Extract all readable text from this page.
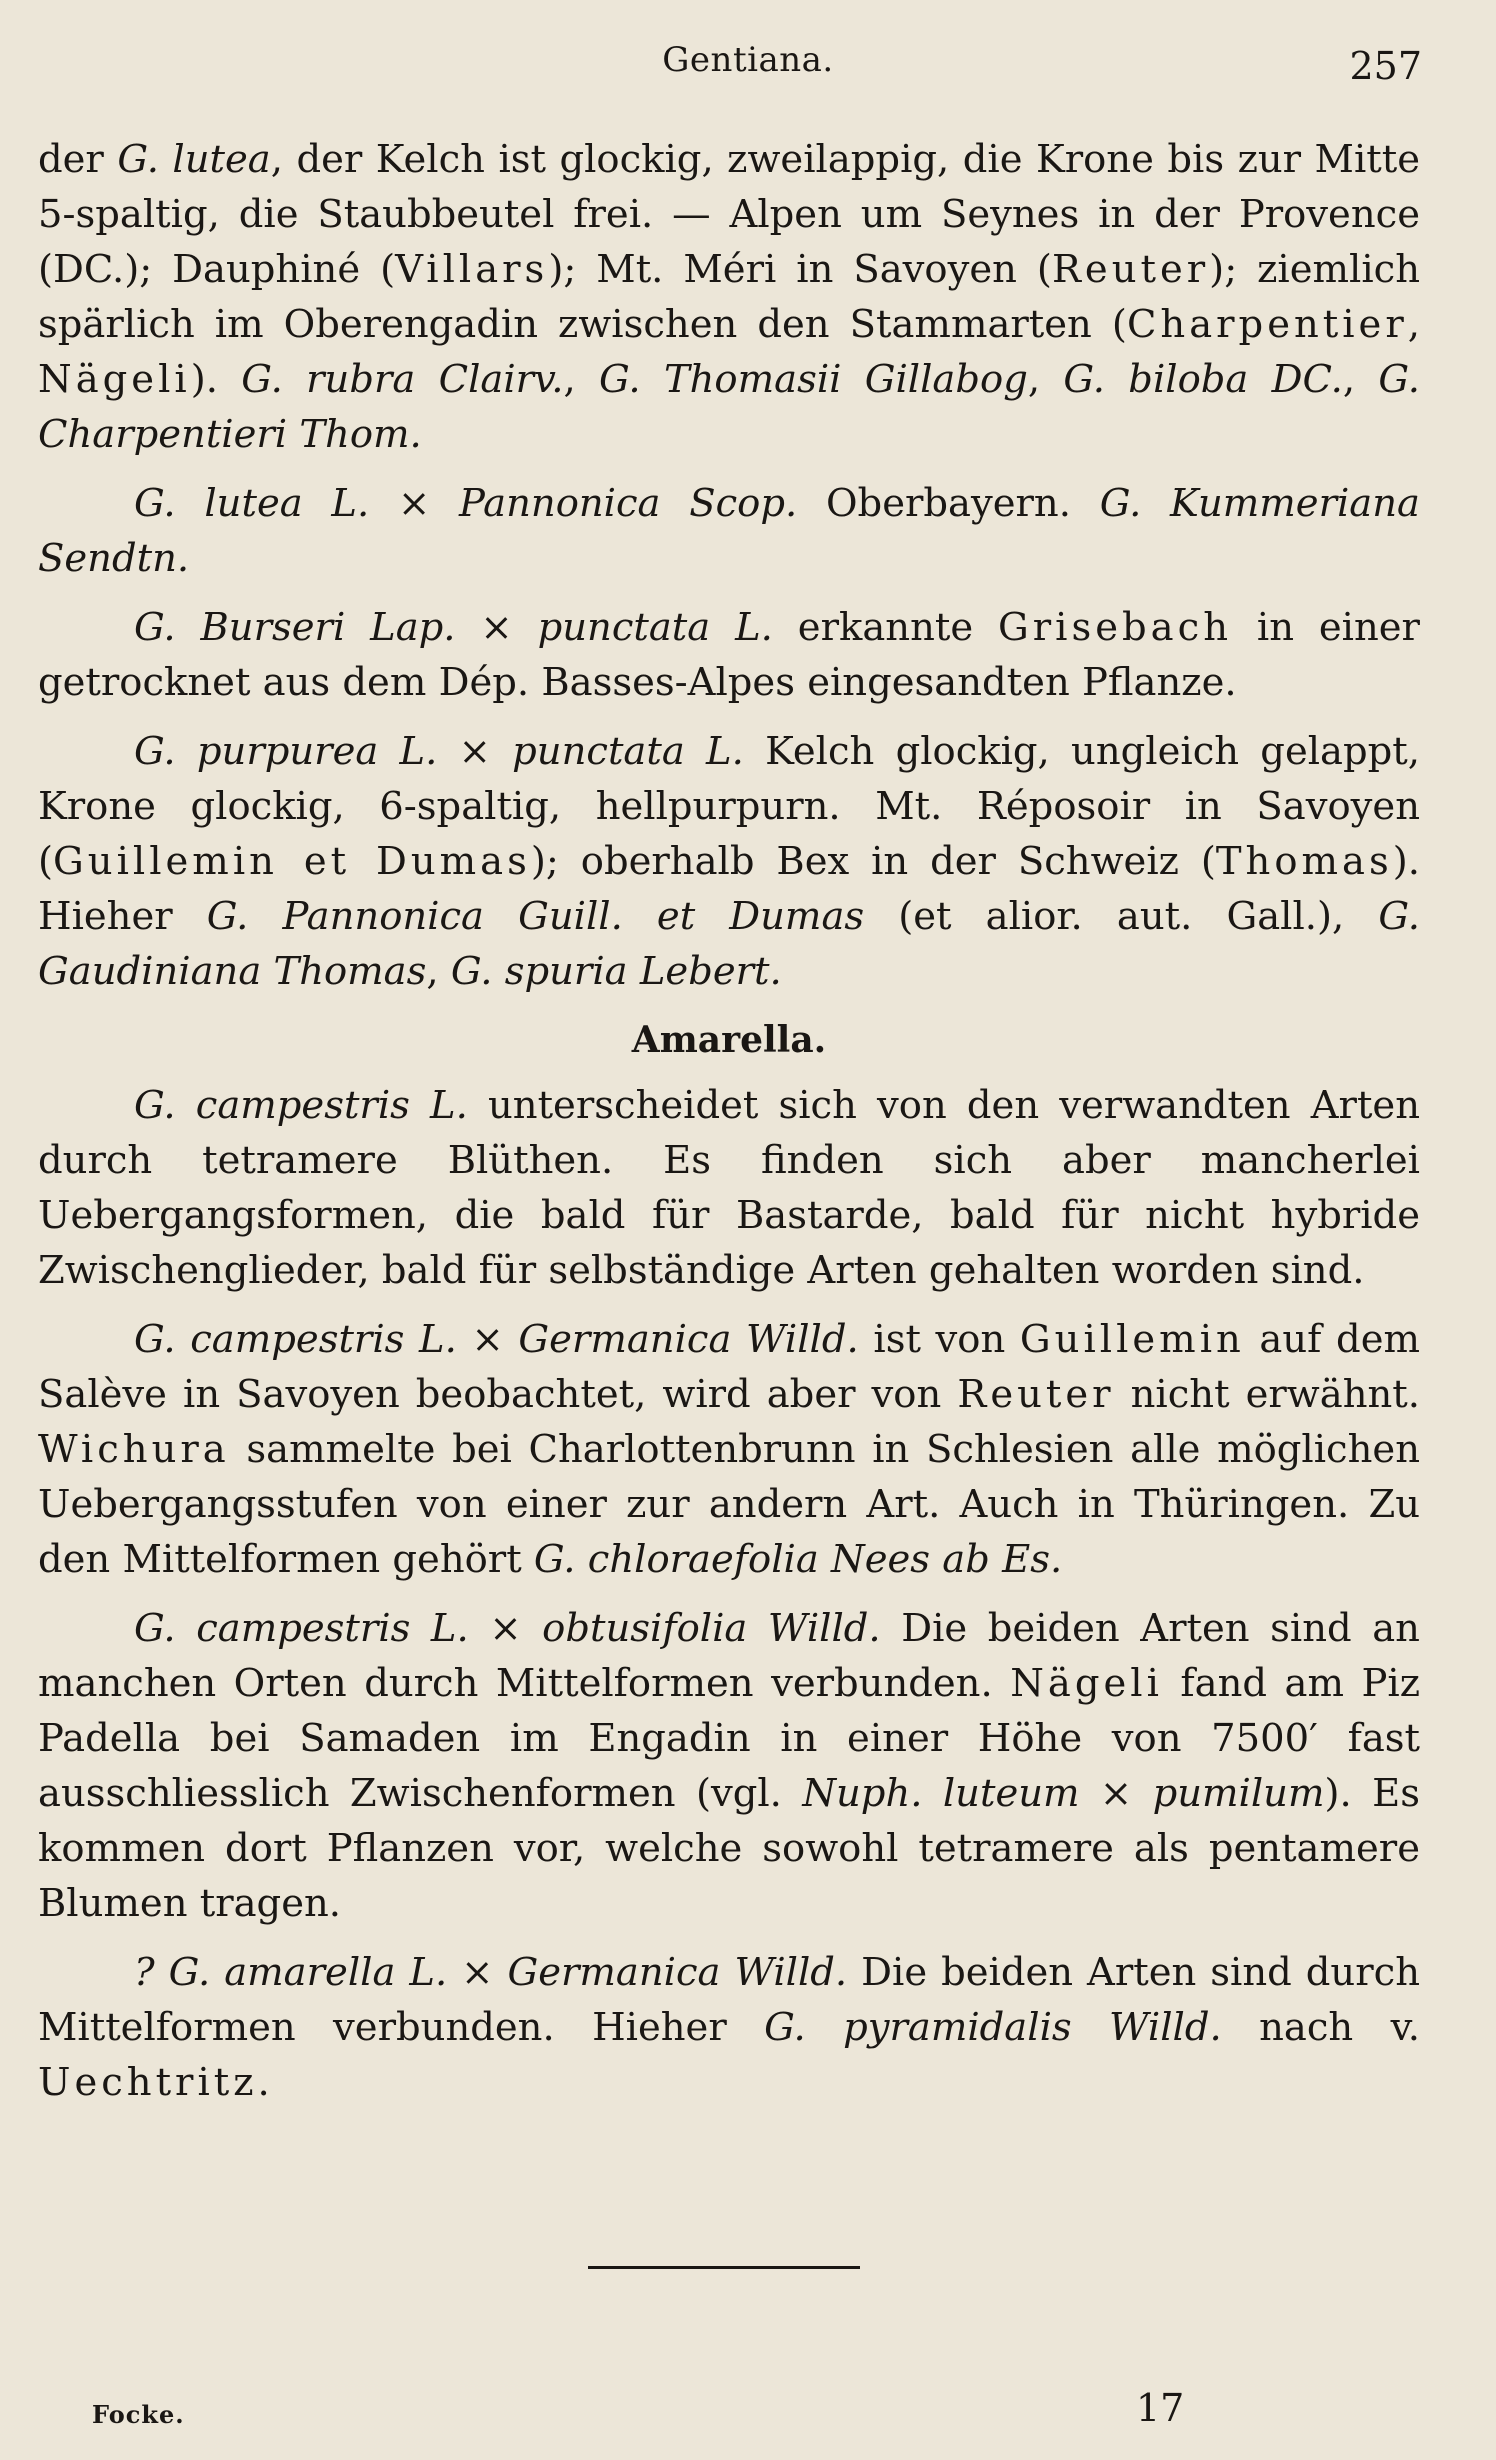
Gentiana.	257

der G. lutea, der Kelch ist glockig, zweilappig, die Krone bis zur Mitte 5-spaltig, die Staubbeutel frei. — Alpen um Seynes in der Provence (DC.); Dauphiné (Villars); Mt. Méri in Savoyen (Reuter); ziemlich spärlich im Oberengadin zwischen den Stammarten (Charpentier, Nägeli). G. rubra Clairv., G. Thomasii Gillabog, G. biloba DC., G. Charpentieri Thom.

G. lutea L. × Pannonica Scop. Oberbayern. G. Kummeriana Sendtn.

G. Burseri Lap. × punctata L. erkannte Grisebach in einer getrocknet aus dem Dép. Basses-Alpes eingesandten Pflanze.

G. purpurea L. × punctata L. Kelch glockig, ungleich gelappt, Krone glockig, 6-spaltig, hellpurpurn. Mt. Réposoir in Savoyen (Guillemin et Dumas); oberhalb Bex in der Schweiz (Thomas). Hieher G. Pannonica Guill. et Dumas (et alior. aut. Gall.), G. Gaudiniana Thomas, G. spuria Lebert.

Amarella.

G. campestris L. unterscheidet sich von den verwandten Arten durch tetramere Blüthen. Es finden sich aber mancherlei Uebergangsformen, die bald für Bastarde, bald für nicht hybride Zwischenglieder, bald für selbständige Arten gehalten worden sind.

G. campestris L. × Germanica Willd. ist von Guillemin auf dem Salève in Savoyen beobachtet, wird aber von Reuter nicht erwähnt. Wichura sammelte bei Charlottenbrunn in Schlesien alle möglichen Uebergangsstufen von einer zur andern Art. Auch in Thüringen. Zu den Mittelformen gehört G. chloraefolia Nees ab Es.

G. campestris L. × obtusifolia Willd. Die beiden Arten sind an manchen Orten durch Mittelformen verbunden. Nägeli fand am Piz Padella bei Samaden im Engadin in einer Höhe von 7500′ fast ausschliesslich Zwischenformen (vgl. Nuph. luteum × pumilum). Es kommen dort Pflanzen vor, welche sowohl tetramere als pentamere Blumen tragen.

? G. amarella L. × Germanica Willd. Die beiden Arten sind durch Mittelformen verbunden. Hieher G. pyramidalis Willd. nach v. Uechtritz.

Focke.	17
